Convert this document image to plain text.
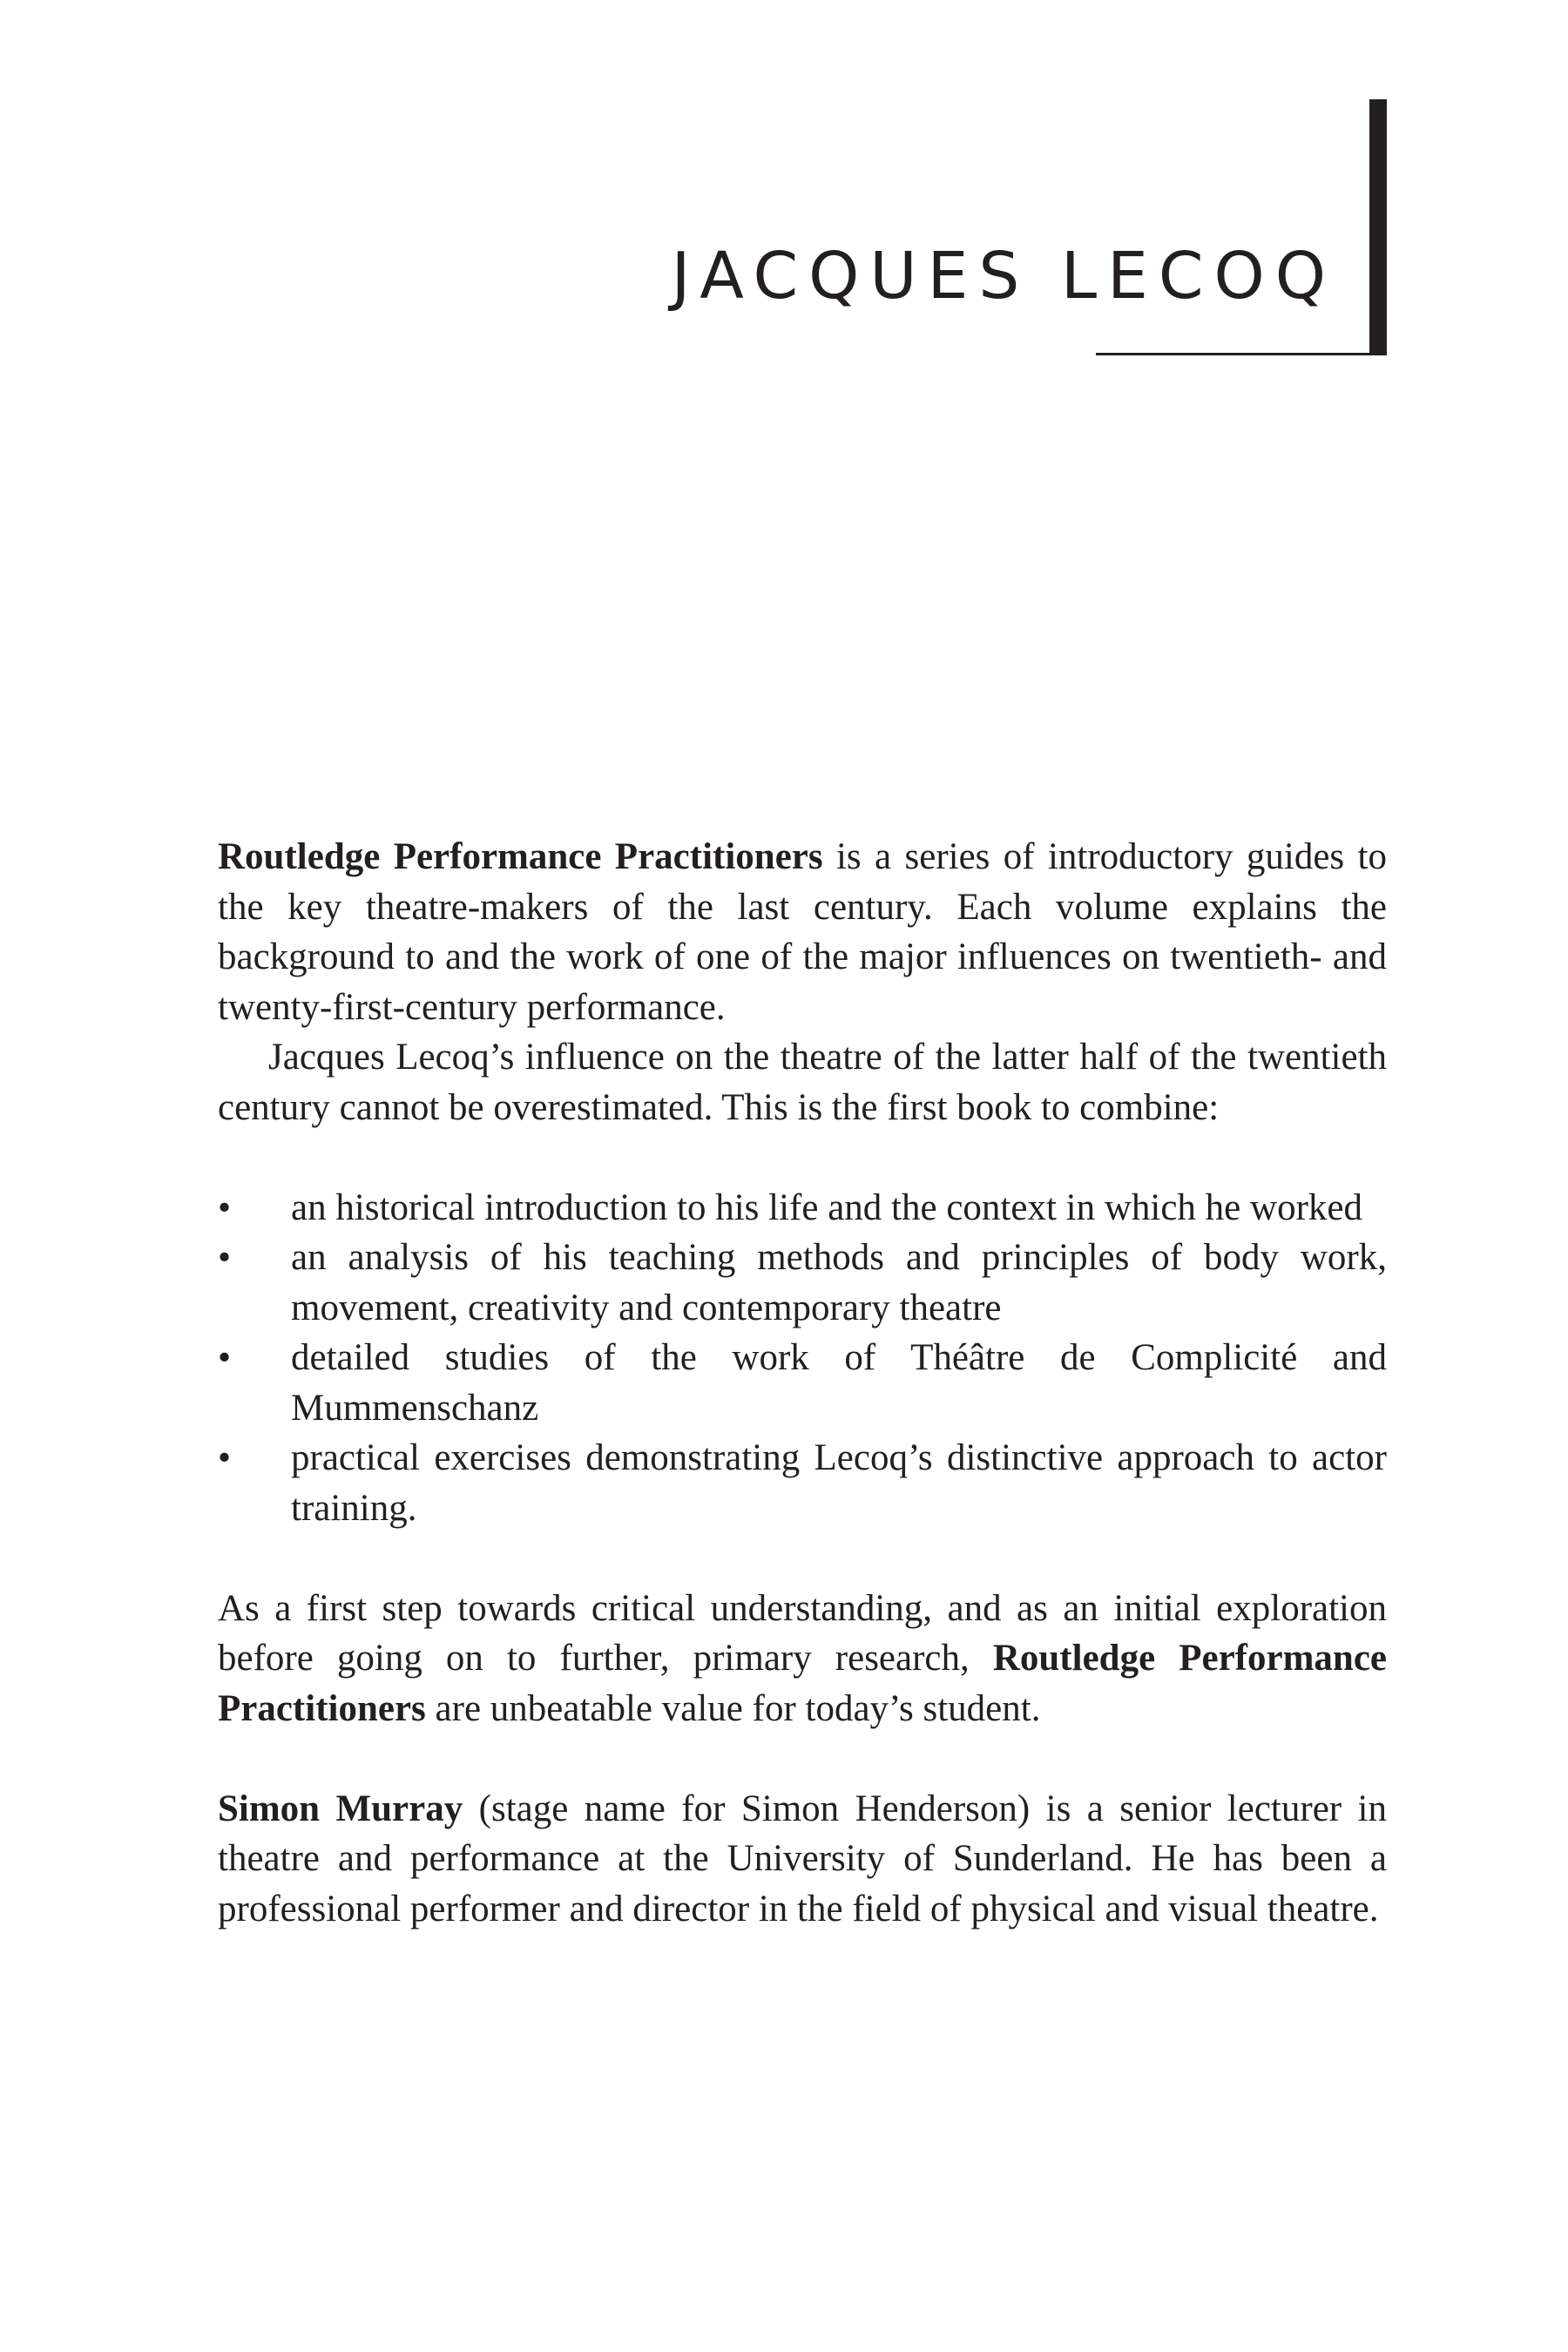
JACQUES LECOQ

Routledge Performance Practitioners is a series of introductory guides to the key theatre-makers of the last century. Each volume explains the background to and the work of one of the major influences on twentieth- and twenty-first-century performance.

Jacques Lecoq’s influence on the theatre of the latter half of the twentieth century cannot be overestimated. This is the first book to combine:

• an historical introduction to his life and the context in which he worked
• an analysis of his teaching methods and principles of body work, movement, creativity and contemporary theatre
• detailed studies of the work of Théâtre de Complicité and Mummenschanz
• practical exercises demonstrating Lecoq’s distinctive approach to actor training.

As a first step towards critical understanding, and as an initial exploration before going on to further, primary research, Routledge Performance Practitioners are unbeatable value for today’s student.

Simon Murray (stage name for Simon Henderson) is a senior lecturer in theatre and performance at the University of Sunderland. He has been a professional performer and director in the field of physical and visual theatre.
